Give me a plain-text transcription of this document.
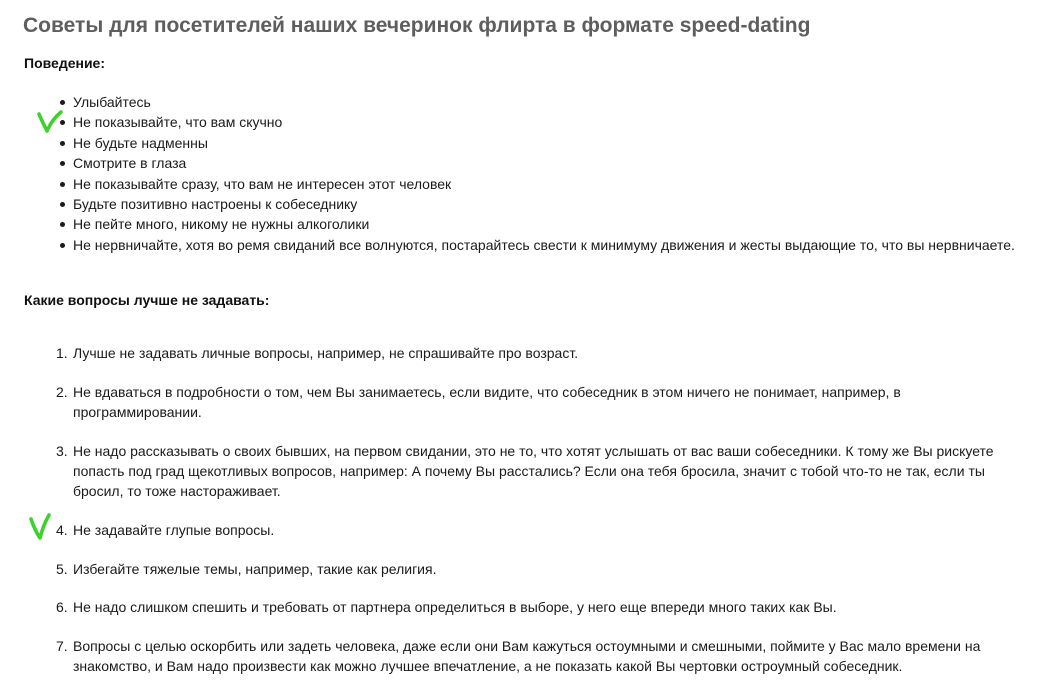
Советы для посетителей наших вечеринок флирта в формате speed-dating
Поведение:
Улыбайтесь
Не показывайте, что вам скучно
Не будьте надменны
Смотрите в глаза
Не показывайте сразу, что вам не интересен этот человек
Будьте позитивно настроены к собеседнику
Не пейте много, никому не нужны алкоголики
Не нервничайте, хотя во ремя свиданий все волнуются, постарайтесь свести к минимуму движения и жесты выдающие то, что вы нервничаете.
Какие вопросы лучше не задавать:
1. Лучше не задавать личные вопросы, например, не спрашивайте про возраст.
2. Не вдаваться в подробности о том, чем Вы занимаетесь, если видите, что собеседник в этом ничего не понимает, например, в программировании.
3. Не надо рассказывать о своих бывших, на первом свидании, это не то, что хотят услышать от вас ваши собеседники. К тому же Вы рискуете попасть под град щекотливых вопросов, например: А почему Вы расстались? Если она тебя бросила, значит с тобой что-то не так, если ты бросил, то тоже настораживает.
4. Не задавайте глупые вопросы.
5. Избегайте тяжелые темы, например, такие как религия.
6. Не надо слишком спешить и требовать от партнера определиться в выборе, у него еще впереди много таких как Вы.
7. Вопросы с целью оскорбить или задеть человека, даже если они Вам кажуться остоумными и смешными, поймите у Вас мало времени на знакомство, и Вам надо произвести как можно лучшее впечатление, а не показать какой Вы чертовки остроумный собеседник.
